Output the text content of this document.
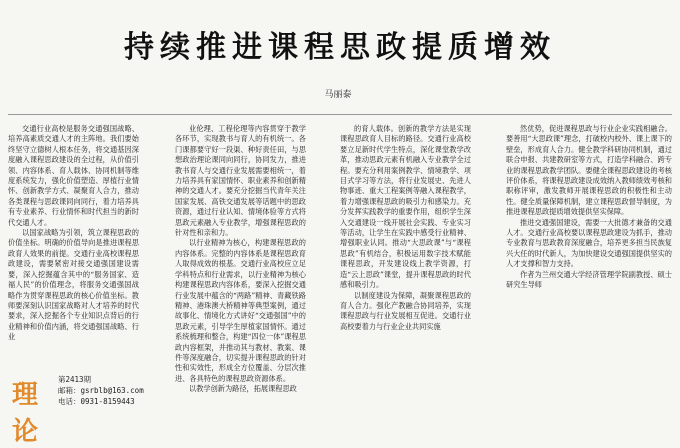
持续推进课程思政提质增效
马丽泰

交通行业高校是服务交通强国战略、培养高素质交通人才的主阵地。我们要始终坚守立德树人根本任务，将交通基因深度融入课程思政建设的全过程，从价值引领、内容体系、育人载体、协同机制等维度系统发力，强化价值塑造、厚植行业情怀、创新教学方式、凝聚育人合力，推动各类课程与思政课同向同行，着力培养具有专业素养、行业情怀和时代担当的新时代交通人才。

以国家战略为引领，筑立课程思政的价值坐标。明确的价值导向是推进课程思政育人效果的前提。交通行业高校课程思政建设，需要紧密对接交通强国建设需要，深入挖掘蕴含其中的“服务国家、造福人民”的价值理念，将服务交通强国战略作为贯穿课程思政的核心价值坐标。教师要深刻认识国家战略对人才培养的时代要求，深入挖掘各个专业知识点背后的行业精神和价值内涵，将交通强国战略、行业

业伦理、工程伦理等内容贯穿于教学各环节，实现教书与育人的有机统一。各门课都要守好一段渠、种好责任田，与思想政治理论课同向同行，协同发力，推进教书育人与交通行业发展需要相统一，着力培养具有家国情怀、职业素养和创新精神的交通人才。要充分挖掘当代青年关注国家发展、高铁交通发展等话题中的思政资源，通过行业认知、情境体验等方式将思政元素融入专业教学，增强课程思政的针对性和亲和力。

以行业精神为核心，构建课程思政的内容体系。完整的内容体系是课程思政育人取得成效的根基。交通行业高校应立足学科特点和行业需求，以行业精神为核心构建课程思政内容体系，要深入挖掘交通行业发展中蕴含的“两路”精神、青藏铁路精神、港珠澳大桥精神等典型案例，通过故事化、情境化方式讲好“交通强国”中的思政元素，引导学生厚植家国情怀。通过系统梳理和整合，构建“四位一体”课程思政内容框架，并推动其与教材、教案、课件等深度融合，切实提升课程思政的针对性和实效性，形成全方位覆盖、分层次推进、各具特色的课程思政资源体系。

以教学创新为路径，拓展课程思政

的育人载体。创新的教学方法是实现课程思政育人目标的路径。交通行业高校要立足新时代学生特点，深化课堂教学改革，推动思政元素有机融入专业教学全过程。要充分利用案例教学、情境教学、项目式学习等方法，将行业发展史、先进人物事迹、重大工程案例等融入课程教学，着力增强课程思政的吸引力和感染力。充分发挥实践教学的重要作用，组织学生深入交通建设一线开展社会实践、专业实习等活动，让学生在实践中感受行业精神、增强职业认同。推动“大思政课”与“课程思政”有机结合，积极运用数字技术赋能课程思政，开发建设线上教学资源，打造“云上思政”课堂，提升课程思政的时代感和吸引力。

以制度建设为保障，凝聚课程思政的育人合力。强化产教融合协同培养，实现课程思政与行业发展相互促进。交通行业高校要着力与行业企业共同实施

然优势，促进课程思政与行业企业实践相融合。要善用“大思政课”理念，打破校内校外、课上课下的壁垒，形成育人合力。健全教学科研协同机制，通过联合申报、共建教研室等方式，打造学科融合、跨专业的课程思政教学团队。要健全课程思政建设的考核评价体系，将课程思政建设成效纳入教师绩效考核和职称评审，激发教师开展课程思政的积极性和主动性。健全质量保障机制，建立课程思政督导制度，为推进课程思政提质增效提供坚实保障。

推进交通强国建设，需要一大批德才兼备的交通人才。交通行业高校要以课程思政建设为抓手，推动专业教育与思政教育深度融合，培养更多担当民族复兴大任的时代新人，为加快建设交通强国提供坚实的人才支撑和智力支持。

作者为兰州交通大学经济管理学院副教授、硕士研究生导师

理论
第2413期
邮箱：gsrblb@163.com
电话：0931-8159443
